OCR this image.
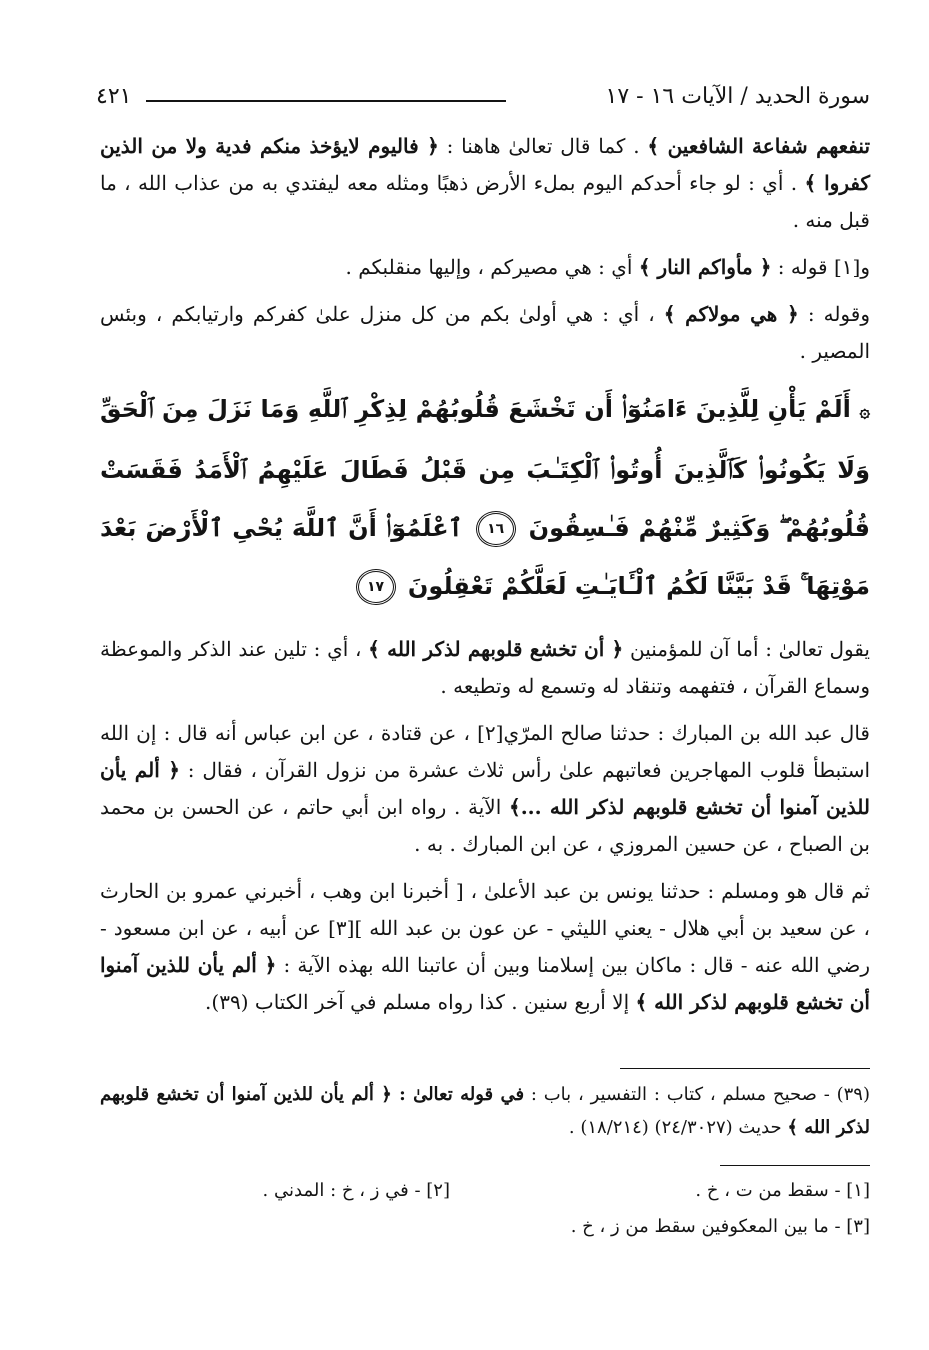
سورة الحديد / الآيات ١٦ - ١٧
٤٢١

تنفعهم شفاعة الشافعين ﴾ . كما قال تعالىٰ هاهنا : ﴿ فاليوم لايؤخذ منكم فدية ولا من الذين كفروا ﴾ . أي : لو جاء أحدكم اليوم بملء الأرض ذهبًا ومثله معه ليفتدي به من عذاب الله ، ما قبل منه .

و[١] قوله : ﴿ مأواكم النار ﴾ أي : هي مصيركم ، وإليها منقلبكم .

وقوله : ﴿ هي مولاكم ﴾ ، أي : هي أولىٰ بكم من كل منزل علىٰ كفركم وارتيابكم ، وبئس المصير .

۞ أَلَمْ يَأْنِ لِلَّذِينَ ءَامَنُوٓا۟ أَن تَخْشَعَ قُلُوبُهُمْ لِذِكْرِ ٱللَّهِ وَمَا نَزَلَ مِنَ ٱلْحَقِّ وَلَا يَكُونُوا۟ كَٱلَّذِينَ أُوتُوا۟ ٱلْكِتَـٰبَ مِن قَبْلُ فَطَالَ عَلَيْهِمُ ٱلْأَمَدُ فَقَسَتْ قُلُوبُهُمْ ۖ وَكَثِيرٌ مِّنْهُمْ فَـٰسِقُونَ ١٦ ٱعْلَمُوٓا۟ أَنَّ ٱللَّهَ يُحْىِ ٱلْأَرْضَ بَعْدَ مَوْتِهَا ۚ قَدْ بَيَّنَّا لَكُمُ ٱلْـَٔايَـٰتِ لَعَلَّكُمْ تَعْقِلُونَ ١٧

يقول تعالىٰ : أما آن للمؤمنين ﴿ أن تخشع قلوبهم لذكر الله ﴾ ، أي : تلين عند الذكر والموعظة وسماع القرآن ، فتفهمه وتنقاد له وتسمع له وتطيعه .

قال عبد الله بن المبارك : حدثنا صالح المرّي[٢] ، عن قتادة ، عن ابن عباس أنه قال : إن الله استبطأ قلوب المهاجرين فعاتبهم علىٰ رأس ثلاث عشرة من نزول القرآن ، فقال : ﴿ ألم يأن للذين آمنوا أن تخشع قلوبهم لذكر الله ...﴾ الآية . رواه ابن أبي حاتم ، عن الحسن بن محمد بن الصباح ، عن حسين المروزي ، عن ابن المبارك . به .

ثم قال هو ومسلم : حدثنا يونس بن عبد الأعلىٰ ، [ أخبرنا ابن وهب ، أخبرني عمرو بن الحارث ، عن سعيد بن أبي هلال - يعني الليثي - عن عون بن عبد الله ][٣] عن أبيه ، عن ابن مسعود - رضي الله عنه - قال : ماكان بين إسلامنا وبين أن عاتبنا الله بهذه الآية : ﴿ ألم يأن للذين آمنوا أن تخشع قلوبهم لذكر الله ﴾ إلا أربع سنين . كذا رواه مسلم في آخر الكتاب (٣٩).

(٣٩) - صحيح مسلم ، كتاب : التفسير ، باب : في قوله تعالىٰ : ﴿ ألم يأن للذين آمنوا أن تخشع قلوبهم لذكر الله ﴾ حديث (٢٤/٣٠٢٧) (١٨/٢١٤) .
[١] - سقط من ت ، خ .
[٢] - في ز ، خ : المدني .
[٣] - ما بين المعكوفين سقط من ز ، خ .
